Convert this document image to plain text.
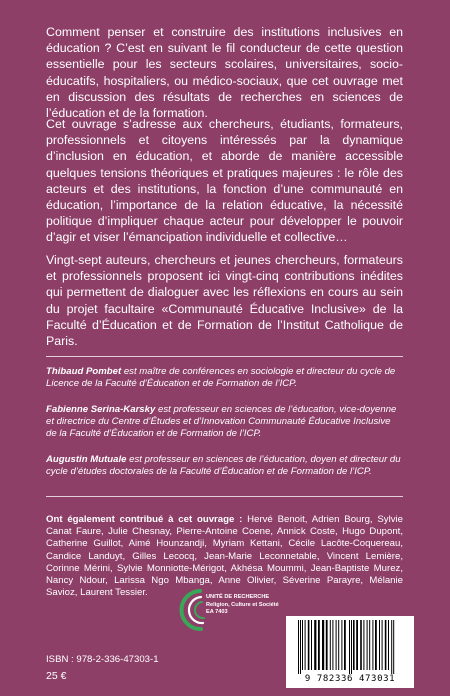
Comment penser et construire des institutions inclusives en éducation ? C’est en suivant le fil conducteur de cette question essentielle pour les secteurs scolaires, universitaires, socio-éducatifs, hospitaliers, ou médico-sociaux, que cet ouvrage met en discussion des résultats de recherches en sciences de l’éducation et de la formation.

Cet ouvrage s’adresse aux chercheurs, étudiants, formateurs, professionnels et citoyens intéressés par la dynamique d’inclusion en éducation, et aborde de manière accessible quelques tensions théoriques et pratiques majeures : le rôle des acteurs et des institutions, la fonction d’une communauté en éducation, l’importance de la relation éducative, la nécessité politique d’impliquer chaque acteur pour développer le pouvoir d’agir et viser l’émancipation individuelle et collective…

Vingt-sept auteurs, chercheurs et jeunes chercheurs, formateurs et professionnels proposent ici vingt-cinq contributions inédites qui permettent de dialoguer avec les réflexions en cours au sein du projet facultaire «Communauté Éducative Inclusive» de la Faculté d’Éducation et de Formation de l’Institut Catholique de Paris.

Thibaud Pombet est maître de conférences en sociologie et directeur du cycle de Licence de la Faculté d’Éducation et de Formation de l’ICP.

Fabienne Serina-Karsky est professeur en sciences de l’éducation, vice-doyenne et directrice du Centre d’Études et d’Innovation Communauté Éducative Inclusive de la Faculté d’Éducation et de Formation de l’ICP.

Augustin Mutuale est professeur en sciences de l’éducation, doyen et directeur du cycle d’études doctorales de la Faculté d’Éducation et de Formation de l’ICP.

Ont également contribué à cet ouvrage : Hervé Benoit, Adrien Bourg, Sylvie Canat Faure, Julie Chesnay, Pierre-Antoine Coene, Annick Coste, Hugo Dupont, Catherine Guillot, Aimé Hounzandji, Myriam Kettani, Cécile Lacôte-Coquereau, Candice Landuyt, Gilles Lecocq, Jean-Marie Leconnetable, Vincent Lemière, Corinne Mérini, Sylvie Monniotte-Mérigot, Akhésa Moummi, Jean-Baptiste Murez, Nancy Ndour, Larissa Ngo Mbanga, Anne Olivier, Séverine Parayre, Mélanie Savioz, Laurent Tessier.	UNITÉ DE RECHERCHE
Religion, Culture et Société
EA 7403
ISBN : 978-2-336-47303-1
25 €	9 782336 473031
